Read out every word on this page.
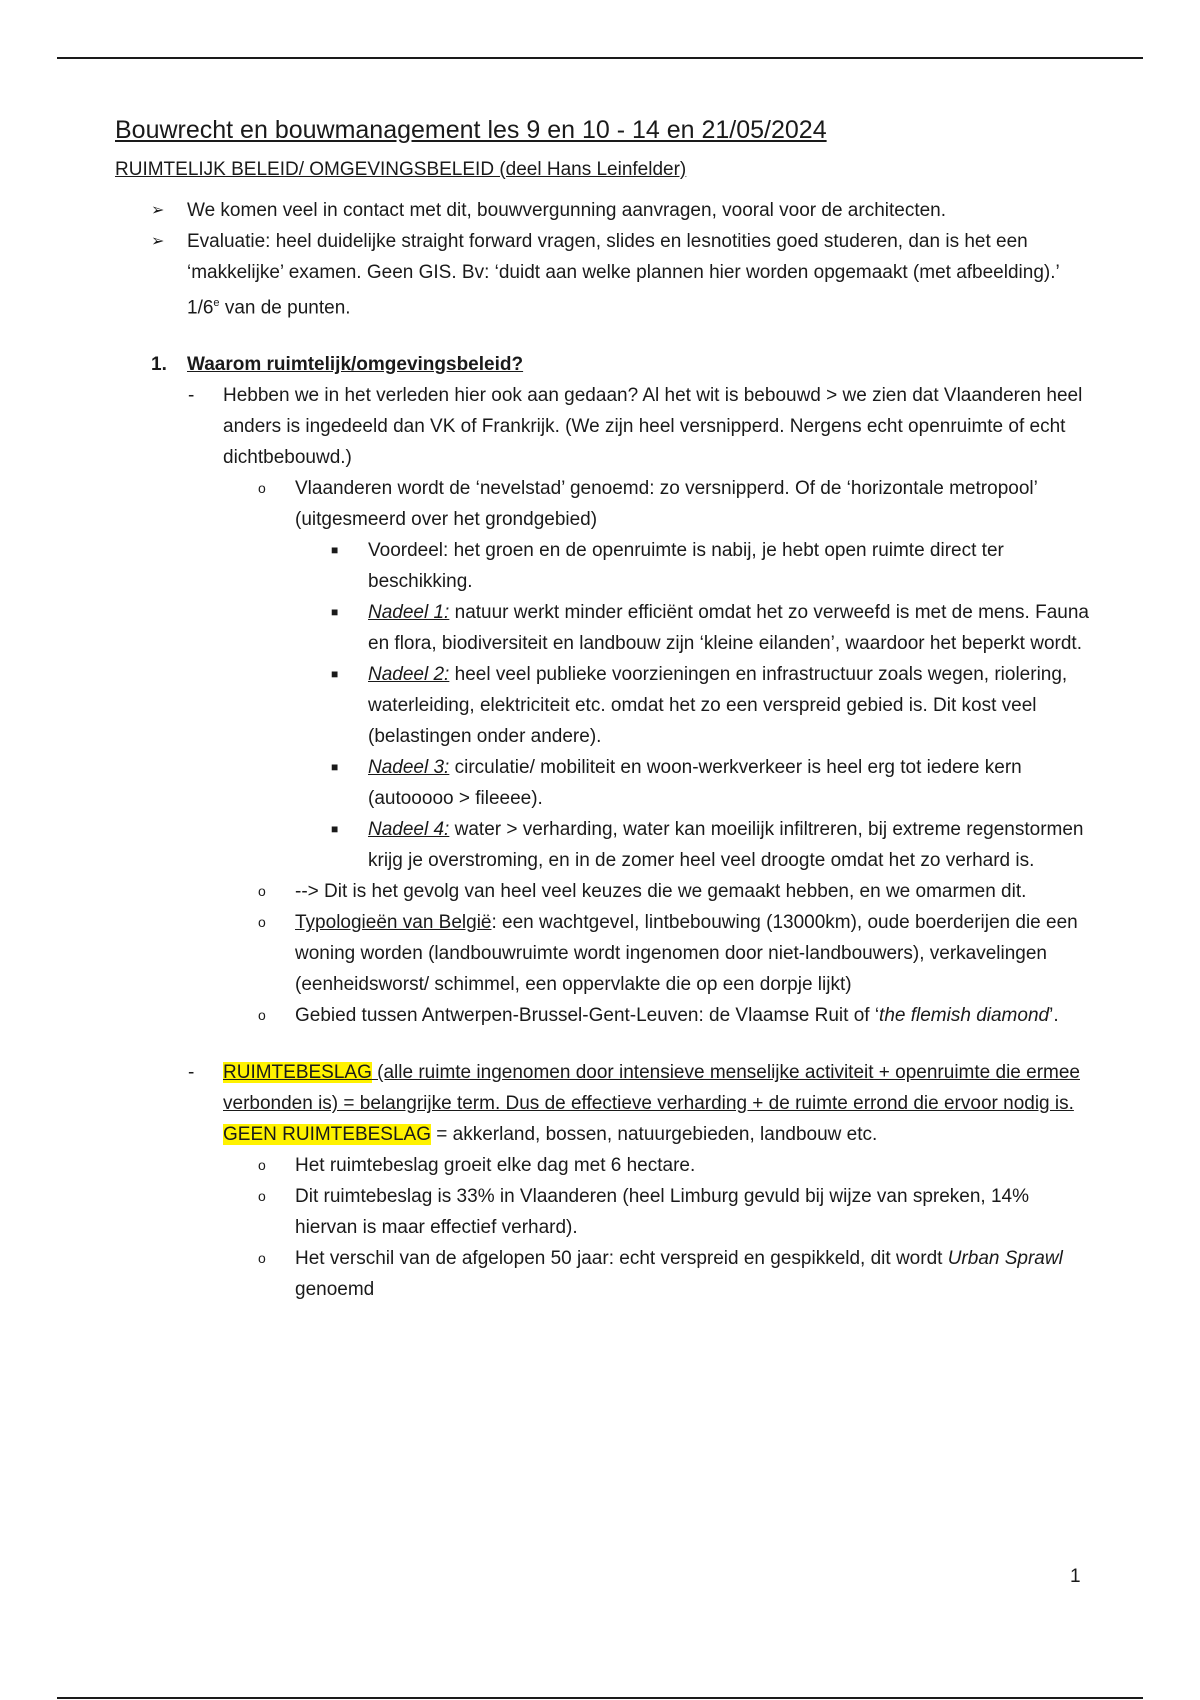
Bouwrecht en bouwmanagement les 9 en 10 - 14 en 21/05/2024
RUIMTELIJK BELEID/ OMGEVINGSBELEID (deel Hans Leinfelder)
➢ We komen veel in contact met dit, bouwvergunning aanvragen, vooral voor de architecten.
➢ Evaluatie: heel duidelijke straight forward vragen, slides en lesnotities goed studeren, dan is het een ‘makkelijke’ examen. Geen GIS. Bv: ‘duidt aan welke plannen hier worden opgemaakt (met afbeelding).’ 1/6e van de punten.
1. Waarom ruimtelijk/omgevingsbeleid?
- Hebben we in het verleden hier ook aan gedaan? Al het wit is bebouwd > we zien dat Vlaanderen heel anders is ingedeeld dan VK of Frankrijk. (We zijn heel versnipperd. Nergens echt openruimte of echt dichtbebouwd.)
o Vlaanderen wordt de ‘nevelstad’ genoemd: zo versnipperd. Of de ‘horizontale metropool’ (uitgesmeerd over het grondgebied)
■ Voordeel: het groen en de openruimte is nabij, je hebt open ruimte direct ter beschikking.
■ Nadeel 1: natuur werkt minder efficiënt omdat het zo verweefd is met de mens. Fauna en flora, biodiversiteit en landbouw zijn ‘kleine eilanden’, waardoor het beperkt wordt.
■ Nadeel 2: heel veel publieke voorzieningen en infrastructuur zoals wegen, riolering, waterleiding, elektriciteit etc. omdat het zo een verspreid gebied is. Dit kost veel (belastingen onder andere).
■ Nadeel 3: circulatie/ mobiliteit en woon-werkverkeer is heel erg tot iedere kern (autooooo > fileeee).
■ Nadeel 4: water > verharding, water kan moeilijk infiltreren, bij extreme regenstormen krijg je overstroming, en in de zomer heel veel droogte omdat het zo verhard is.
o --> Dit is het gevolg van heel veel keuzes die we gemaakt hebben, en we omarmen dit.
o Typologieën van België: een wachtgevel, lintbebouwing (13000km), oude boerderijen die een woning worden (landbouwruimte wordt ingenomen door niet-landbouwers), verkavelingen (eenheidsworst/ schimmel, een oppervlakte die op een dorpje lijkt)
o Gebied tussen Antwerpen-Brussel-Gent-Leuven: de Vlaamse Ruit of ‘the flemish diamond’.
- RUIMTEBESLAG (alle ruimte ingenomen door intensieve menselijke activiteit + openruimte die ermee verbonden is) = belangrijke term. Dus de effectieve verharding + de ruimte errond die ervoor nodig is.
GEEN RUIMTEBESLAG = akkerland, bossen, natuurgebieden, landbouw etc.
o Het ruimtebeslag groeit elke dag met 6 hectare.
o Dit ruimtebeslag is 33% in Vlaanderen (heel Limburg gevuld bij wijze van spreken, 14% hiervan is maar effectief verhard).
o Het verschil van de afgelopen 50 jaar: echt verspreid en gespikkeld, dit wordt Urban Sprawl genoemd
1
